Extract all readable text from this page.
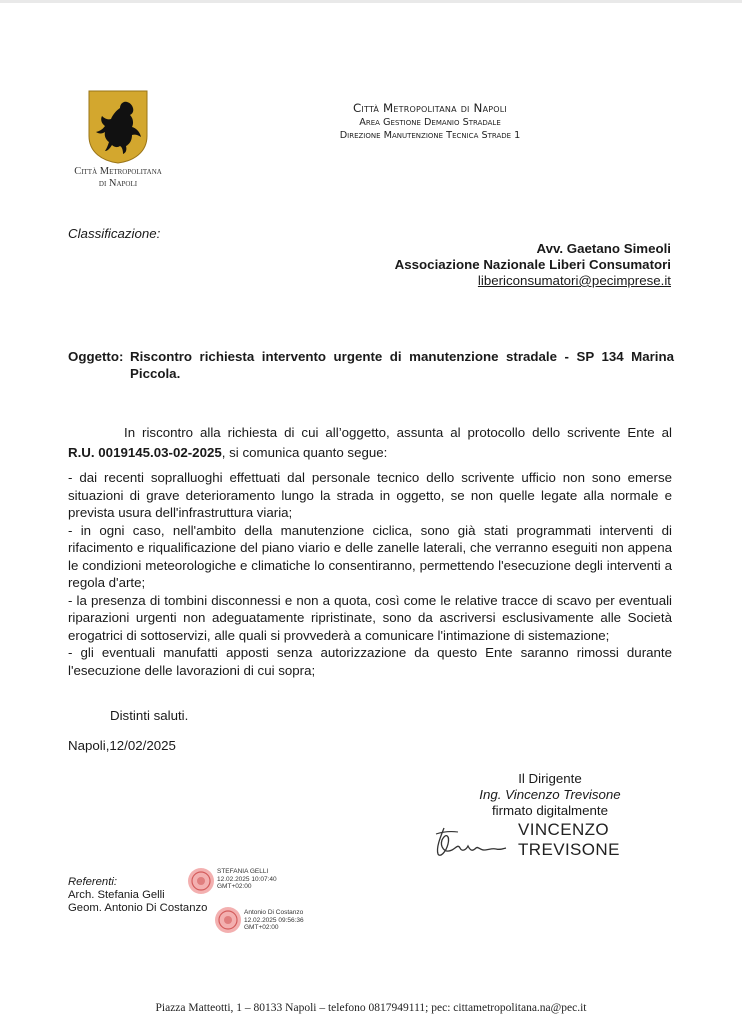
Città Metropolitana
di Napoli
Città Metropolitana di Napoli
Area Gestione Demanio Stradale
Direzione Manutenzione Tecnica Strade 1
Classificazione:
Avv. Gaetano Simeoli
Associazione Nazionale Liberi Consumatori
libericonsumatori@pecimprese.it
Oggetto: Riscontro richiesta intervento urgente di manutenzione stradale - SP 134 Marina
Piccola.
In riscontro alla richiesta di cui all’oggetto, assunta al protocollo dello scrivente Ente al
R.U. 0019145.03-02-2025, si comunica quanto segue:
- dai recenti sopralluoghi effettuati dal personale tecnico dello scrivente ufficio non sono emerse situazioni di grave deterioramento lungo la strada in oggetto, se non quelle legate alla normale e prevista usura dell'infrastruttura viaria;
- in ogni caso, nell'ambito della manutenzione ciclica, sono già stati programmati interventi di rifacimento e riqualificazione del piano viario e delle zanelle laterali, che verranno eseguiti non appena le condizioni meteorologiche e climatiche lo consentiranno, permettendo l'esecuzione degli interventi a regola d'arte;
- la presenza di tombini disconnessi e non a quota, così come le relative tracce di scavo per eventuali riparazioni urgenti non adeguatamente ripristinate, sono da ascriversi esclusivamente alle Società erogatrici di sottoservizi, alle quali si provvederà a comunicare l'intimazione di sistemazione;
- gli eventuali manufatti apposti senza autorizzazione da questo Ente saranno rimossi durante l'esecuzione delle lavorazioni di cui sopra;
Distinti saluti.
Napoli,12/02/2025
Il Dirigente
Ing. Vincenzo Trevisone
firmato digitalmente
VINCENZO
TREVISONE
Referenti:
Arch. Stefania Gelli
Geom. Antonio Di Costanzo
STEFANIA GELLI
12.02.2025 10:07:40
GMT+02:00
Antonio Di Costanzo
12.02.2025 09:56:36
GMT+02:00
Piazza Matteotti, 1 – 80133 Napoli – telefono 0817949111; pec: cittametropolitana.na@pec.it
